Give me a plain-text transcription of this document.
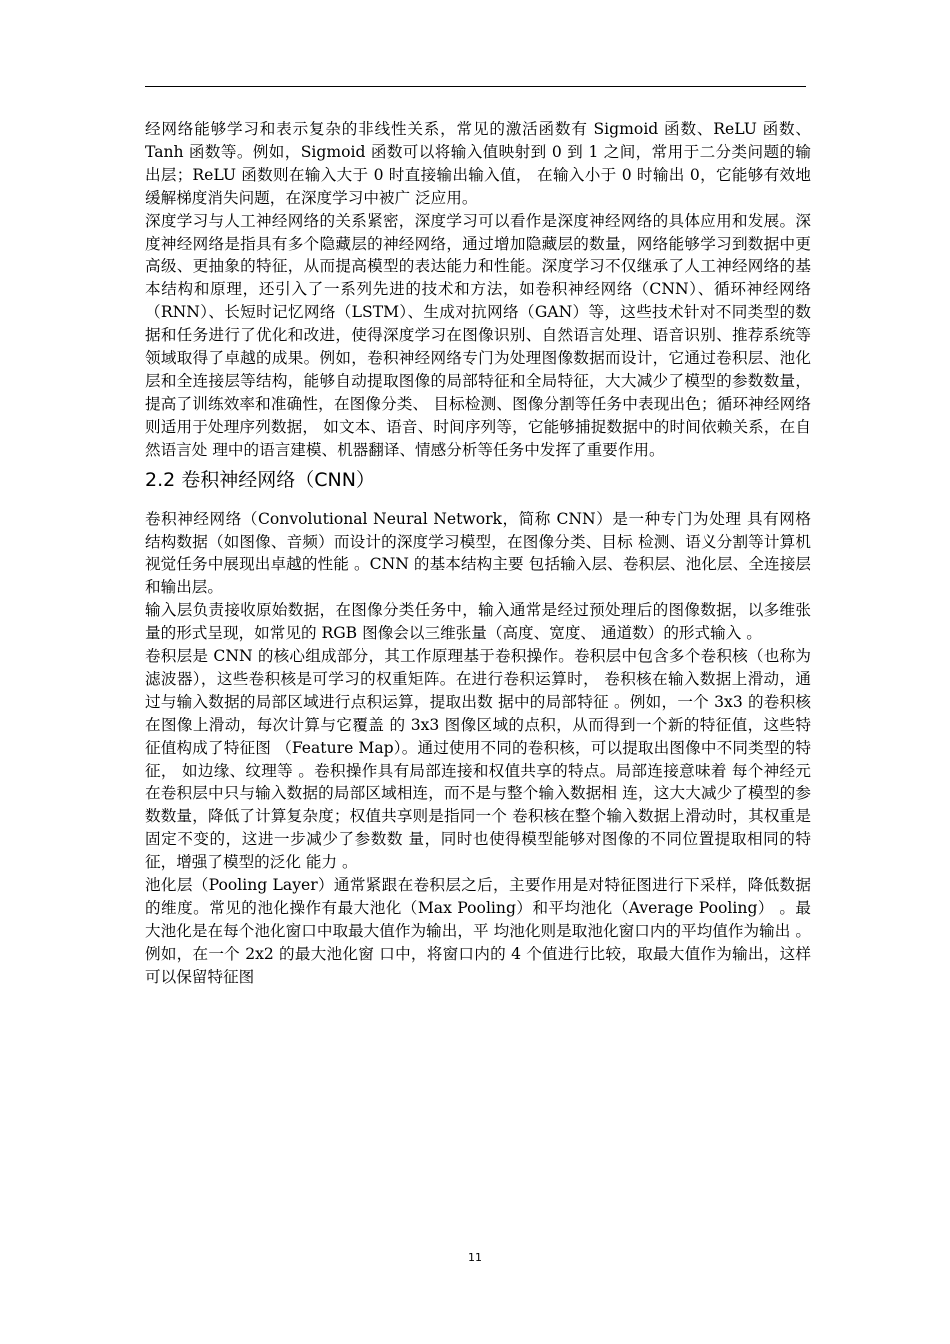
经网络能够学习和表示复杂的非线性关系，常见的激活函数有 Sigmoid 函数、ReLU 函数、Tanh 函数等。例如，Sigmoid 函数可以将输入值映射到 0 到 1 之间，常用于二分类问题的输出层；ReLU 函数则在输入大于 0 时直接输出输入值， 在输入小于 0 时输出 0，它能够有效地缓解梯度消失问题，在深度学习中被广 泛应用。

深度学习与人工神经网络的关系紧密，深度学习可以看作是深度神经网络的具体应用和发展。深度神经网络是指具有多个隐藏层的神经网络，通过增加隐藏层的数量，网络能够学习到数据中更高级、更抽象的特征，从而提高模型的表达能力和性能。深度学习不仅继承了人工神经网络的基本结构和原理，还引入了一系列先进的技术和方法，如卷积神经网络（CNN）、循环神经网络（RNN）、长短时记忆网络（LSTM）、生成对抗网络（GAN）等，这些技术针对不同类型的数据和任务进行了优化和改进，使得深度学习在图像识别、自然语言处理、语音识别、推荐系统等领域取得了卓越的成果。例如，卷积神经网络专门为处理图像数据而设计，它通过卷积层、池化层和全连接层等结构，能够自动提取图像的局部特征和全局特征，大大减少了模型的参数数量，提高了训练效率和准确性，在图像分类、 目标检测、图像分割等任务中表现出色；循环神经网络则适用于处理序列数据， 如文本、语音、时间序列等，它能够捕捉数据中的时间依赖关系，在自然语言处 理中的语言建模、机器翻译、情感分析等任务中发挥了重要作用。

2.2 卷积神经网络（CNN）

卷积神经网络（Convolutional Neural Network，简称 CNN）是一种专门为处理 具有网格结构数据（如图像、音频）而设计的深度学习模型，在图像分类、目标 检测、语义分割等计算机视觉任务中展现出卓越的性能 。CNN 的基本结构主要 包括输入层、卷积层、池化层、全连接层和输出层。

输入层负责接收原始数据，在图像分类任务中，输入通常是经过预处理后的图像数据，以多维张量的形式呈现，如常见的 RGB 图像会以三维张量（高度、宽度、 通道数）的形式输入 。

卷积层是 CNN 的核心组成部分，其工作原理基于卷积操作。卷积层中包含多个卷积核（也称为滤波器），这些卷积核是可学习的权重矩阵。在进行卷积运算时， 卷积核在输入数据上滑动，通过与输入数据的局部区域进行点积运算，提取出数 据中的局部特征 。例如，一个 3x3 的卷积核在图像上滑动，每次计算与它覆盖 的 3x3 图像区域的点积，从而得到一个新的特征值，这些特征值构成了特征图 （Feature Map）。通过使用不同的卷积核，可以提取出图像中不同类型的特征， 如边缘、纹理等 。卷积操作具有局部连接和权值共享的特点。局部连接意味着 每个神经元在卷积层中只与输入数据的局部区域相连，而不是与整个输入数据相 连，这大大减少了模型的参数数量，降低了计算复杂度；权值共享则是指同一个 卷积核在整个输入数据上滑动时，其权重是固定不变的，这进一步减少了参数数 量，同时也使得模型能够对图像的不同位置提取相同的特征，增强了模型的泛化 能力 。

池化层（Pooling Layer）通常紧跟在卷积层之后，主要作用是对特征图进行下采样，降低数据的维度。常见的池化操作有最大池化（Max Pooling）和平均池化（Average Pooling） 。最大池化是在每个池化窗口中取最大值作为输出，平 均池化则是取池化窗口内的平均值作为输出 。例如，在一个 2x2 的最大池化窗 口中，将窗口内的 4 个值进行比较，取最大值作为输出，这样可以保留特征图

11
